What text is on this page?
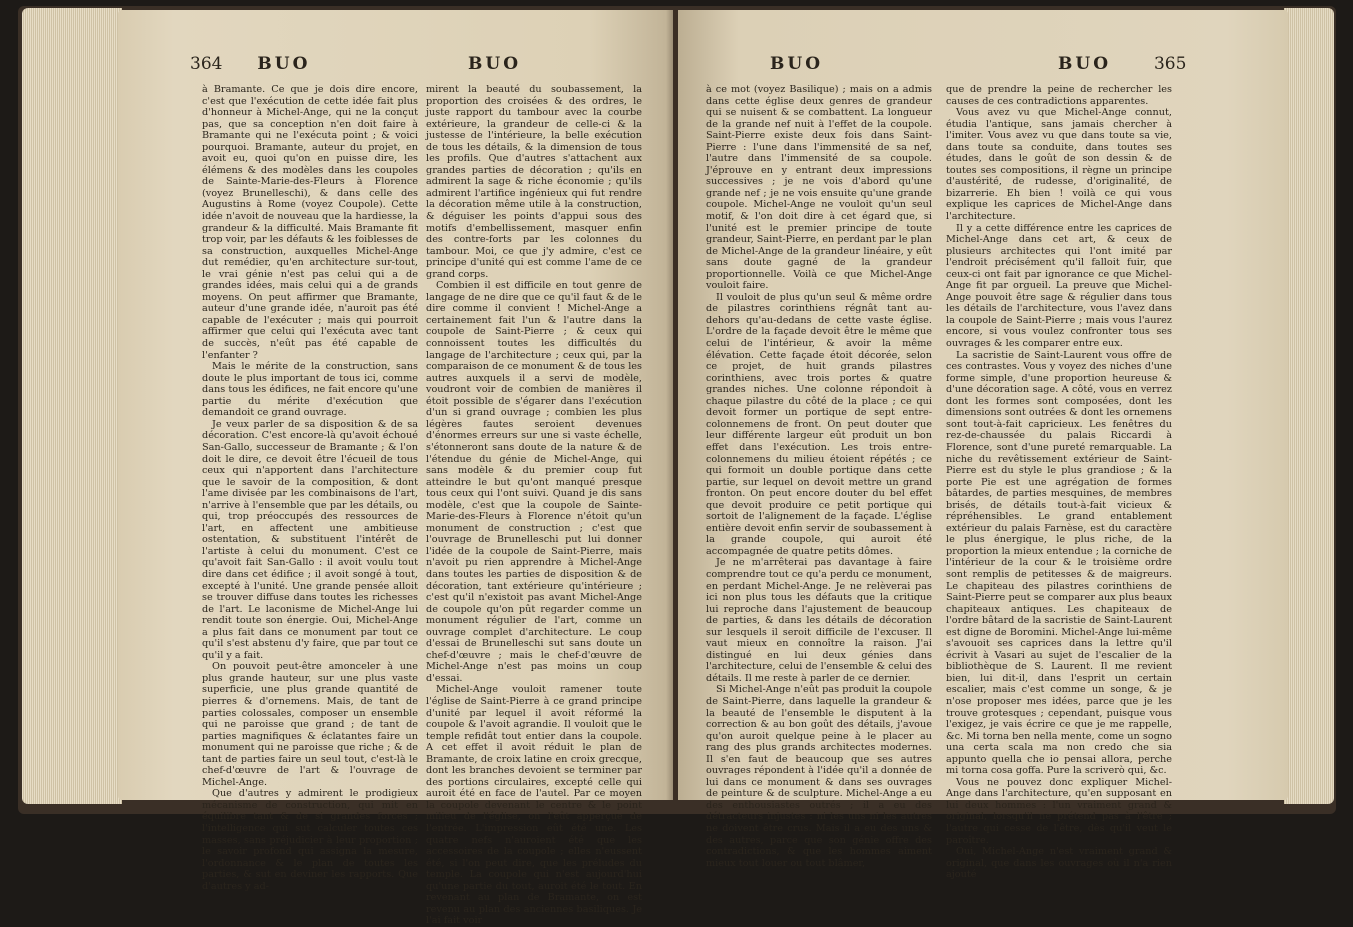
364 BUO	BUO

à Bramante. Ce que je dois dire encore, c'est que l'exécution de cette idée fait plus d'honneur à Michel-Ange, qui ne la conçut pas, que sa conception n'en doit faire à Bramante qui ne l'exécuta point ; & voici pourquoi. Bramante, auteur du projet, en avoit eu, quoi qu'on en puisse dire, les élémens & des modèles dans les coupoles de Sainte-Marie-des-Fleurs à Florence (voyez Brunelleschi), & dans celle des Augustins à Rome (voyez Coupole). Cette idée n'avoit de nouveau que la hardiesse, la grandeur & la difficulté. Mais Bramante fit trop voir, par les défauts & les foiblesses de sa construction, auxquelles Michel-Ange dut remédier, qu'en architecture sur-tout, le vrai génie n'est pas celui qui a de grandes idées, mais celui qui a de grands moyens. On peut affirmer que Bramante, auteur d'une grande idée, n'auroit pas été capable de l'exécuter ; mais qui pourroit affirmer que celui qui l'exécuta avec tant de succès, n'eût pas été capable de l'enfanter ?

Mais le mérite de la construction, sans doute le plus important de tous ici, comme dans tous les édifices, ne fait encore qu'une partie du mérite d'exécution que demandoit ce grand ouvrage.

Je veux parler de sa disposition & de sa décoration. C'est encore-là qu'avoit échoué San-Gallo, successeur de Bramante ; & l'on doit le dire, ce devoit être l'écueil de tous ceux qui n'apportent dans l'architecture que le savoir de la composition, & dont l'ame divisée par les combinaisons de l'art, n'arrive à l'ensemble que par les détails, ou qui, trop préoccupés des ressources de l'art, en affectent une ambitieuse ostentation, & substituent l'intérêt de l'artiste à celui du monument. C'est ce qu'avoit fait San-Gallo : il avoit voulu tout dire dans cet édifice ; il avoit songé à tout, excepté à l'unité. Une grande pensée alloit se trouver diffuse dans toutes les richesses de l'art. Le laconisme de Michel-Ange lui rendit toute son énergie. Oui, Michel-Ange a plus fait dans ce monument par tout ce qu'il s'est abstenu d'y faire, que par tout ce qu'il y a fait.

On pouvoit peut-être amonceler à une plus grande hauteur, sur une plus vaste superficie, une plus grande quantité de pierres & d'ornemens. Mais, de tant de parties colossales, composer un ensemble qui ne paroisse que grand ; de tant de parties magnifiques & éclatantes faire un monument qui ne paroisse que riche ; & de tant de parties faire un seul tout, c'est-là le chef-d'œuvre de l'art & l'ouvrage de Michel-Ange.

Que d'autres y admirent le prodigieux mécanisme de construction, qui mit en équilibre tant & de si grandes forces ; l'intelligence qui sut calculer toutes ces masses, sans préjudicier à leur proportion ; le savoir profond qui assigna la mesure, l'ordonnance & le plan de toutes les parties, & sut en deviner les rapports. Que d'autres y ad-

mirent la beauté du soubassement, la proportion des croisées & des ordres, le juste rapport du tambour avec la courbe extérieure, la grandeur de celle-ci & la justesse de l'intérieure, la belle exécution de tous les détails, & la dimension de tous les profils. Que d'autres s'attachent aux grandes parties de décoration ; qu'ils en admirent la sage & riche économie ; qu'ils admirent l'artifice ingénieux qui fut rendre la décoration même utile à la construction, & déguiser les points d'appui sous des motifs d'embellissement, masquer enfin des contre-forts par les colonnes du tambour. Moi, ce que j'y admire, c'est ce principe d'unité qui est comme l'ame de ce grand corps.

Combien il est difficile en tout genre de langage de ne dire que ce qu'il faut & de le dire comme il convient ! Michel-Ange a certainement fait l'un & l'autre dans la coupole de Saint-Pierre ; & ceux qui connoissent toutes les difficultés du langage de l'architecture ; ceux qui, par la comparaison de ce monument & de tous les autres auxquels il a servi de modèle, voudront voir de combien de manières il étoit possible de s'égarer dans l'exécution d'un si grand ouvrage ; combien les plus légères fautes seroient devenues d'énormes erreurs sur une si vaste échelle, s'étonneront sans doute de la nature & de l'étendue du génie de Michel-Ange, qui sans modèle & du premier coup fut atteindre le but qu'ont manqué presque tous ceux qui l'ont suivi. Quand je dis sans modèle, c'est que la coupole de Sainte-Marie-des-Fleurs à Florence n'étoit qu'un monument de construction ; c'est que l'ouvrage de Brunelleschi put lui donner l'idée de la coupole de Saint-Pierre, mais n'avoit pu rien apprendre à Michel-Ange dans toutes les parties de disposition & de décoration, tant extérieure qu'intérieure ; c'est qu'il n'existoit pas avant Michel-Ange de coupole qu'on pût regarder comme un monument régulier de l'art, comme un ouvrage complet d'architecture. Le coup d'essai de Brunelleschi sut sans doute un chef-d'œuvre ; mais le chef-d'œuvre de Michel-Ange n'est pas moins un coup d'essai.

Michel-Ange vouloit ramener toute l'église de Saint-Pierre à ce grand principe d'unité par lequel il avoit réformé la coupole & l'avoit agrandie. Il vouloit que le temple refidât tout entier dans la coupole. A cet effet il avoit réduit le plan de Bramante, de croix latine en croix grecque, dont les branches devoient se terminer par des portions circulaires, excepté celle qui auroit été en face de l'autel. Par ce moyen la coupole devenant le centre & le point milieu de l'église, on l'eût apperçue de l'entrée. L'impression eût été une. Les quatre nefs n'auroient été que les accessoires de la coupole ; elles n'eussent été, si l'on peut dire, que les préludes du temple. La coupole qui n'est aujourd'hui qu'une partie du tout, auroit été le tout. En revenant au plan de Bramante, on est revenu au plan des anciennes basiliques. Je l'ai fait voir

BUO	BUO	365

à ce mot (voyez Basilique) ; mais on a admis dans cette église deux genres de grandeur qui se nuisent & se combattent. La longueur de la grande nef nuit à l'effet de la coupole. Saint-Pierre existe deux fois dans Saint-Pierre : l'une dans l'immensité de sa nef, l'autre dans l'immensité de sa coupole. J'éprouve en y entrant deux impressions successives ; je ne vois d'abord qu'une grande nef ; je ne vois ensuite qu'une grande coupole. Michel-Ange ne vouloit qu'un seul motif, & l'on doit dire à cet égard que, si l'unité est le premier principe de toute grandeur, Saint-Pierre, en perdant par le plan de Michel-Ange de la grandeur linéaire, y eût sans doute gagné de la grandeur proportionnelle. Voilà ce que Michel-Ange vouloit faire.

Il vouloit de plus qu'un seul & même ordre de pilastres corinthiens régnât tant au-dehors qu'au-dedans de cette vaste église. L'ordre de la façade devoit être le même que celui de l'intérieur, & avoir la même élévation. Cette façade étoit décorée, selon ce projet, de huit grands pilastres corinthiens, avec trois portes & quatre grandes niches. Une colonne répondoit à chaque pilastre du côté de la place ; ce qui devoit former un portique de sept entre-colonnemens de front. On peut douter que leur différente largeur eût produit un bon effet dans l'exécution. Les trois entre-colonnemens du milieu étoient répétés ; ce qui formoit un double portique dans cette partie, sur lequel on devoit mettre un grand fronton. On peut encore douter du bel effet que devoit produire ce petit portique qui sortoit de l'alignement de la façade. L'église entière devoit enfin servir de soubassement à la grande coupole, qui auroit été accompagnée de quatre petits dômes.

Je ne m'arrêterai pas davantage à faire comprendre tout ce qu'a perdu ce monument, en perdant Michel-Ange. Je ne relèverai pas ici non plus tous les défauts que la critique lui reproche dans l'ajustement de beaucoup de parties, & dans les détails de décoration sur lesquels il seroit difficile de l'excuser. Il vaut mieux en connoître la raison. J'ai distingué en lui deux génies dans l'architecture, celui de l'ensemble & celui des détails. Il me reste à parler de ce dernier.

Si Michel-Ange n'eût pas produit la coupole de Saint-Pierre, dans laquelle la grandeur & la beauté de l'ensemble le disputent à la correction & au bon goût des détails, j'avoue qu'on auroit quelque peine à le placer au rang des plus grands architectes modernes. Il s'en faut de beaucoup que ses autres ouvrages répondent à l'idée qu'il a donnée de lui dans ce monument & dans ses ouvrages de peinture & de sculpture. Michel-Ange a eu des enthousiastes outrés ; il a eu des détracteurs injustes : ni les uns ni les autres ne doivent être crus. Mais il a eu des uns & des autres, parce que son génie offre des contradictions, & que les hommes aiment mieux tout louer ou tout blâmer,

que de prendre la peine de rechercher les causes de ces contradictions apparentes.

Vous avez vu que Michel-Ange connut, étudia l'antique, sans jamais chercher à l'imiter. Vous avez vu que dans toute sa vie, dans toute sa conduite, dans toutes ses études, dans le goût de son dessin & de toutes ses compositions, il règne un principe d'austérité, de rudesse, d'originalité, de bizarrerie. Eh bien ! voilà ce qui vous explique les caprices de Michel-Ange dans l'architecture.

Il y a cette différence entre les caprices de Michel-Ange dans cet art, & ceux de plusieurs architectes qui l'ont imité par l'endroit précisément qu'il falloit fuir, que ceux-ci ont fait par ignorance ce que Michel-Ange fit par orgueil. La preuve que Michel-Ange pouvoit être sage & régulier dans tous les détails de l'architecture, vous l'avez dans la coupole de Saint-Pierre ; mais vous l'aurez encore, si vous voulez confronter tous ses ouvrages & les comparer entre eux.

La sacristie de Saint-Laurent vous offre de ces contrastes. Vous y voyez des niches d'une forme simple, d'une proportion heureuse & d'une décoration sage. A côté, vous en verrez dont les formes sont composées, dont les dimensions sont outrées & dont les ornemens sont tout-à-fait capricieux. Les fenêtres du rez-de-chaussée du palais Riccardi à Florence, sont d'une pureté remarquable. La niche du revêtissement extérieur de Saint-Pierre est du style le plus grandiose ; & la porte Pie est une agrégation de formes bâtardes, de parties mesquines, de membres brisés, de détails tout-à-fait vicieux & répréhensibles. Le grand entablement extérieur du palais Farnèse, est du caractère le plus énergique, le plus riche, de la proportion la mieux entendue ; la corniche de l'intérieur de la cour & le troisième ordre sont remplis de petitesses & de maigreurs. Le chapiteau des pilastres corinthiens de Saint-Pierre peut se comparer aux plus beaux chapiteaux antiques. Les chapiteaux de l'ordre bâtard de la sacristie de Saint-Laurent est digne de Boromini. Michel-Ange lui-même s'avouoit ses caprices dans la lettre qu'il écrivit à Vasari au sujet de l'escalier de la bibliothèque de S. Laurent. Il me revient bien, lui dit-il, dans l'esprit un certain escalier, mais c'est comme un songe, & je n'ose proposer mes idées, parce que je les trouve grotesques ; cependant, puisque vous l'exigez, je vais écrire ce que je me rappelle, &c. Mi torna ben nella mente, come un sogno una certa scala ma non credo che sia appunto quella che io pensai allora, perche mi torna cosa goffa. Pure la scriverò qui, &c.

Vous ne pouvez donc expliquer Michel-Ange dans l'architecture, qu'en supposant en lui deux hommes : l'un vraiment grand & original, lorsqu'il ne prétend pas à l'être ; l'autre qui cesse de l'être, dès qu'il veut le paroître.

Oui, Michel-Ange n'est vraiment grand & original, que dans les ouvrages où il n'a rien ajouté
